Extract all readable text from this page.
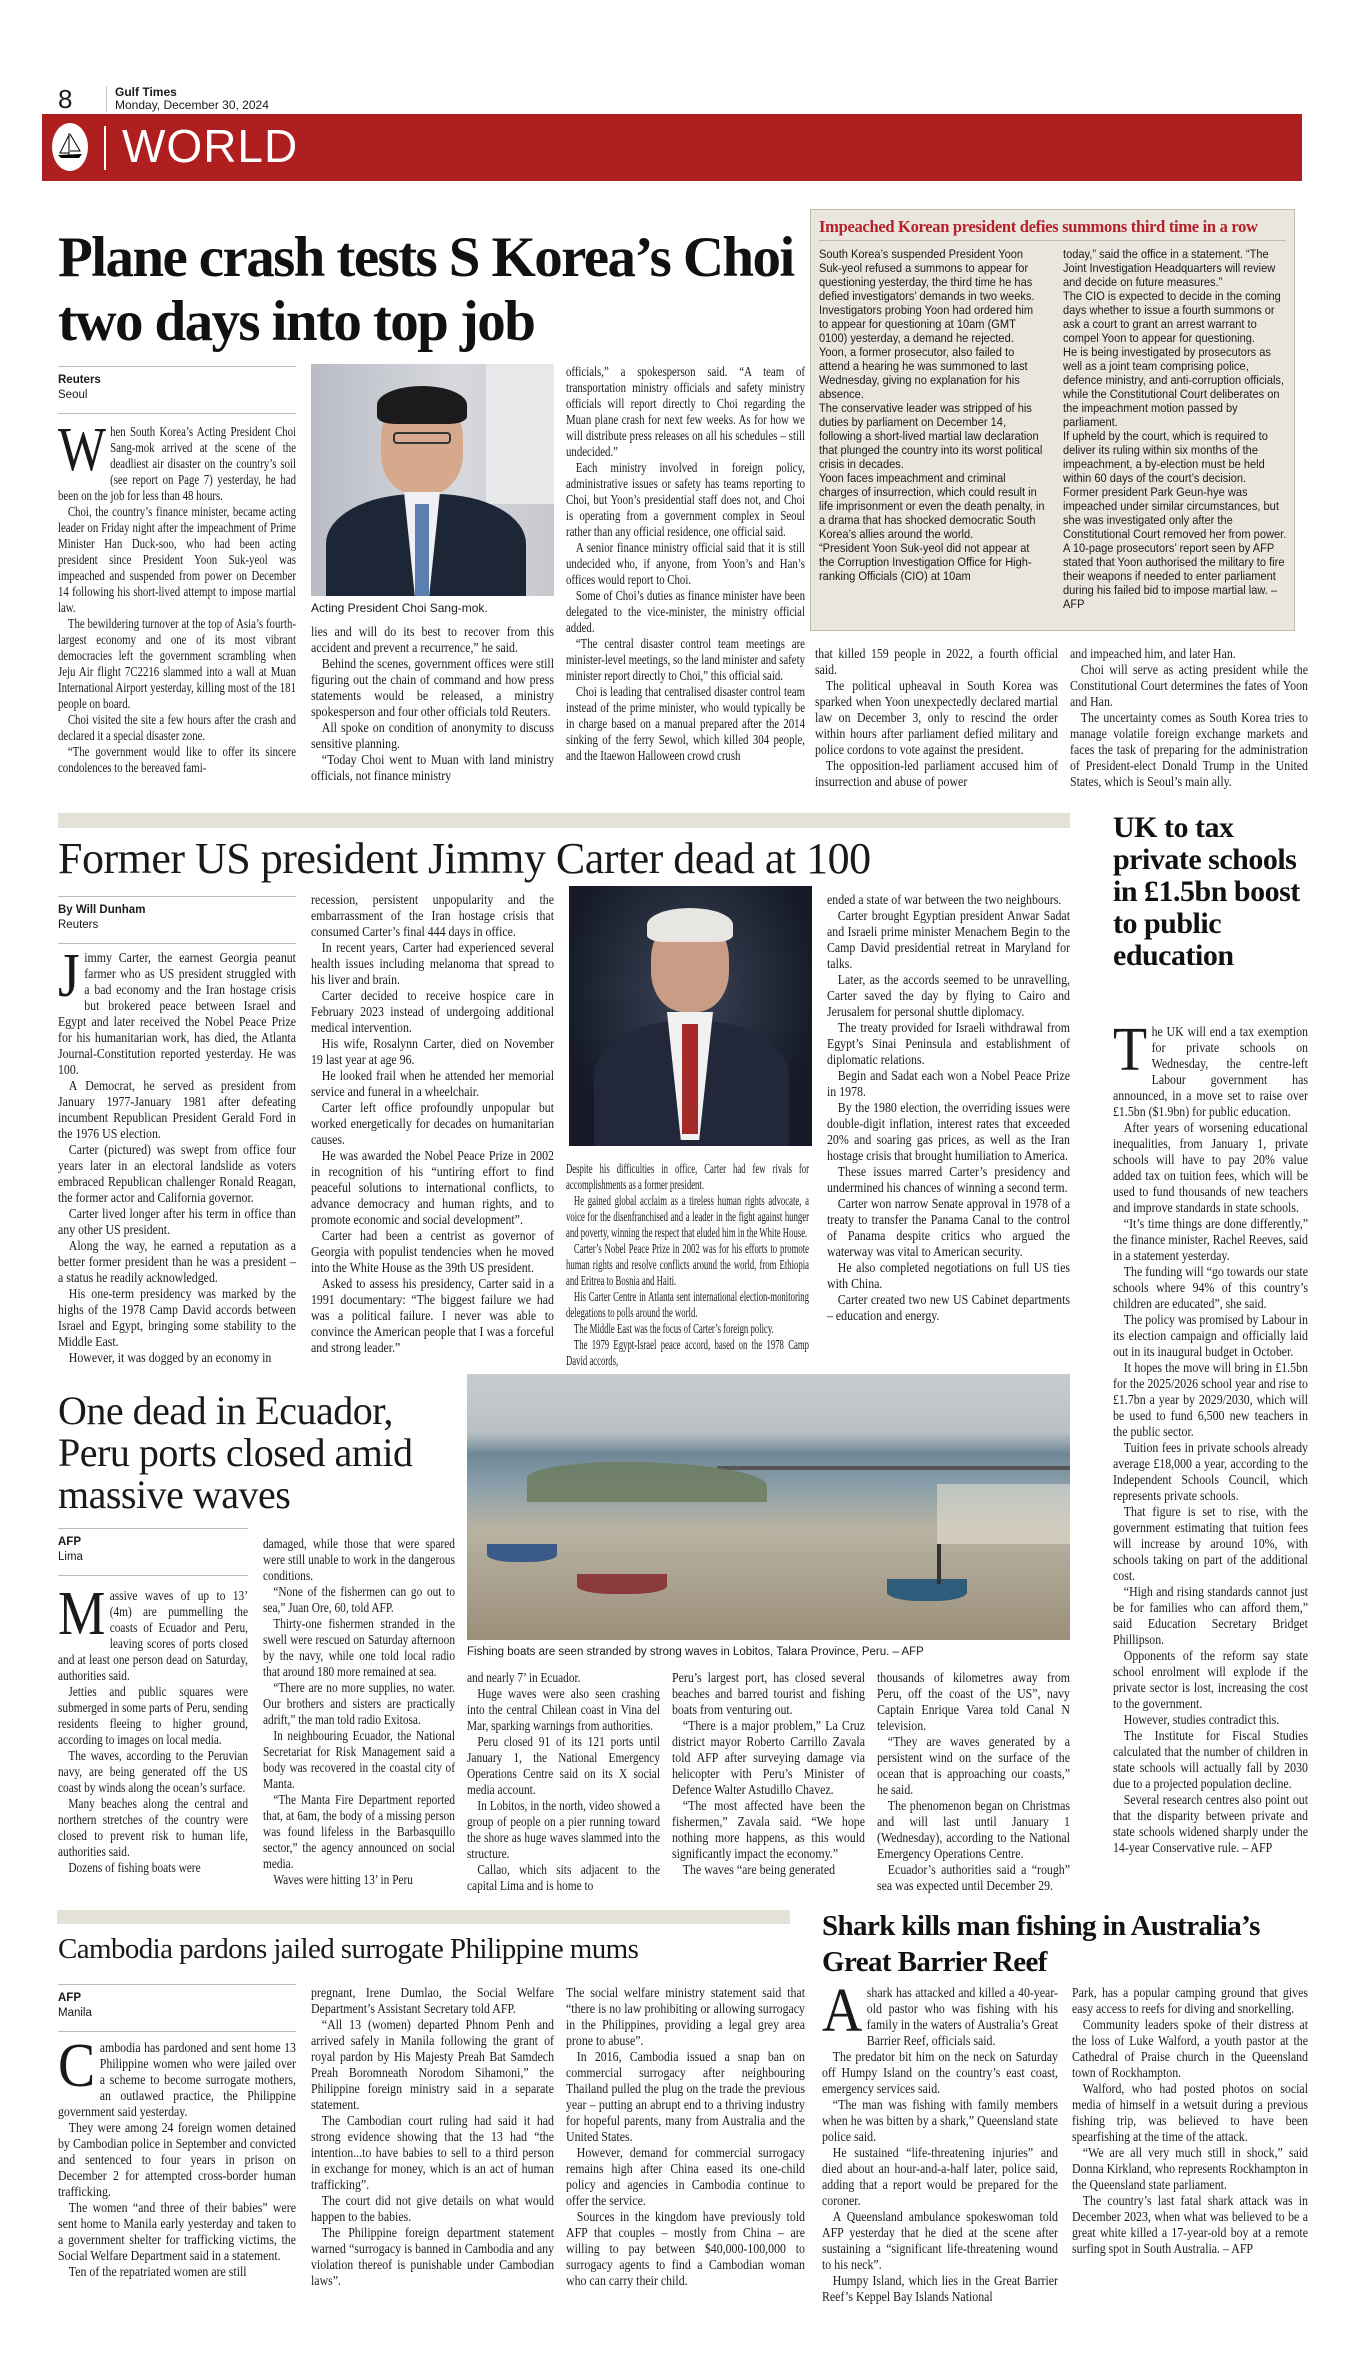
8	Gulf Times
Monday, December 30, 2024
WORLD
Plane crash tests S Korea’s Choi two days into top job
Reuters
Seoul

When South Korea’s Acting President Choi Sang-mok arrived at the scene of the deadliest air disaster on the country’s soil (see report on Page 7) yesterday, he had been on the job for less than 48 hours.

Choi, the country’s finance minister, became acting leader on Friday night after the impeachment of Prime Minister Han Duck-soo, who had been acting president since President Yoon Suk-yeol was impeached and suspended from power on December 14 following his short-lived attempt to impose martial law.

The bewildering turnover at the top of Asia’s fourth-largest economy and one of its most vibrant democracies left the government scrambling when Jeju Air flight 7C2216 slammed into a wall at Muan International Airport yesterday, killing most of the 181 people on board.

Choi visited the site a few hours after the crash and declared it a special disaster zone.

“The government would like to offer its sincere condolences to the bereaved fami-

Acting President Choi Sang-mok.

lies and will do its best to recover from this accident and prevent a recurrence,” he said.

Behind the scenes, government offices were still figuring out the chain of command and how press statements would be released, a ministry spokesperson and four other officials told Reuters.

All spoke on condition of anonymity to discuss sensitive planning.

“Today Choi went to Muan with land ministry officials, not finance ministry

officials,” a spokesperson said. “A team of transportation ministry officials and safety ministry officials will report directly to Choi regarding the Muan plane crash for next few weeks. As for how we will distribute press releases on all his schedules – still undecided.”

Each ministry involved in foreign policy, administrative issues or safety has teams reporting to Choi, but Yoon’s presidential staff does not, and Choi is operating from a government complex in Seoul rather than any official residence, one official said.

A senior finance ministry official said that it is still undecided who, if anyone, from Yoon’s and Han’s offices would report to Choi.

Some of Choi’s duties as finance minister have been delegated to the vice-minister, the ministry official added.

“The central disaster control team meetings are minister-level meetings, so the land minister and safety minister report directly to Choi,” this official said.

Choi is leading that centralised disaster control team instead of the prime minister, who would typically be in charge based on a manual prepared after the 2014 sinking of the ferry Sewol, which killed 304 people, and the Itaewon Halloween crowd crush

that killed 159 people in 2022, a fourth official said.

The political upheaval in South Korea was sparked when Yoon unexpectedly declared martial law on December 3, only to rescind the order within hours after parliament defied military and police cordons to vote against the president.

The opposition-led parliament accused him of insurrection and abuse of power

and impeached him, and later Han.

Choi will serve as acting president while the Constitutional Court determines the fates of Yoon and Han.

The uncertainty comes as South Korea tries to manage volatile foreign exchange markets and faces the task of preparing for the administration of President-elect Donald Trump in the United States, which is Seoul’s main ally.

Impeached Korean president defies summons third time in a row

South Korea’s suspended President Yoon Suk-yeol refused a summons to appear for questioning yesterday, the third time he has defied investigators’ demands in two weeks.

Investigators probing Yoon had ordered him to appear for questioning at 10am (GMT 0100) yesterday, a demand he rejected.

Yoon, a former prosecutor, also failed to attend a hearing he was summoned to last Wednesday, giving no explanation for his absence.

The conservative leader was stripped of his duties by parliament on December 14, following a short-lived martial law declaration that plunged the country into its worst political crisis in decades.

Yoon faces impeachment and criminal charges of insurrection, which could result in life imprisonment or even the death penalty, in a drama that has shocked democratic South Korea’s allies around the world.

“President Yoon Suk-yeol did not appear at the Corruption Investigation Office for High-ranking Officials (CIO) at 10am

today,” said the office in a statement. “The Joint Investigation Headquarters will review and decide on future measures.”

The CIO is expected to decide in the coming days whether to issue a fourth summons or ask a court to grant an arrest warrant to compel Yoon to appear for questioning.

He is being investigated by prosecutors as well as a joint team comprising police, defence ministry, and anti-corruption officials, while the Constitutional Court deliberates on the impeachment motion passed by parliament.

If upheld by the court, which is required to deliver its ruling within six months of the impeachment, a by-election must be held within 60 days of the court’s decision.

Former president Park Geun-hye was impeached under similar circumstances, but she was investigated only after the Constitutional Court removed her from power.

A 10-page prosecutors’ report seen by AFP stated that Yoon authorised the military to fire their weapons if needed to enter parliament during his failed bid to impose martial law. – AFP

Former US president Jimmy Carter dead at 100
By Will Dunham
Reuters

Jimmy Carter, the earnest Georgia peanut farmer who as US president struggled with a bad economy and the Iran hostage crisis but brokered peace between Israel and Egypt and later received the Nobel Peace Prize for his humanitarian work, has died, the Atlanta Journal-Constitution reported yesterday. He was 100.

A Democrat, he served as president from January 1977-January 1981 after defeating incumbent Republican President Gerald Ford in the 1976 US election.

Carter (pictured) was swept from office four years later in an electoral landslide as voters embraced Republican challenger Ronald Reagan, the former actor and California governor.

Carter lived longer after his term in office than any other US president.

Along the way, he earned a reputation as a better former president than he was a president – a status he readily acknowledged.

His one-term presidency was marked by the highs of the 1978 Camp David accords between Israel and Egypt, bringing some stability to the Middle East.

However, it was dogged by an economy in

recession, persistent unpopularity and the embarrassment of the Iran hostage crisis that consumed Carter’s final 444 days in office.

In recent years, Carter had experienced several health issues including melanoma that spread to his liver and brain.

Carter decided to receive hospice care in February 2023 instead of undergoing additional medical intervention.

His wife, Rosalynn Carter, died on November 19 last year at age 96.

He looked frail when he attended her memorial service and funeral in a wheelchair.

Carter left office profoundly unpopular but worked energetically for decades on humanitarian causes.

He was awarded the Nobel Peace Prize in 2002 in recognition of his “untiring effort to find peaceful solutions to international conflicts, to advance democracy and human rights, and to promote economic and social development”.

Carter had been a centrist as governor of Georgia with populist tendencies when he moved into the White House as the 39th US president.

Asked to assess his presidency, Carter said in a 1991 documentary: “The biggest failure we had was a political failure. I never was able to convince the American people that I was a forceful and strong leader.”

Despite his difficulties in office, Carter had few rivals for accomplishments as a former president.

He gained global acclaim as a tireless human rights advocate, a voice for the disenfranchised and a leader in the fight against hunger and poverty, winning the respect that eluded him in the White House.

Carter’s Nobel Peace Prize in 2002 was for his efforts to promote human rights and resolve conflicts around the world, from Ethiopia and Eritrea to Bosnia and Haiti.

His Carter Centre in Atlanta sent international election-monitoring delegations to polls around the world.

The Middle East was the focus of Carter’s foreign policy.

The 1979 Egypt-Israel peace accord, based on the 1978 Camp David accords,

ended a state of war between the two neighbours.

Carter brought Egyptian president Anwar Sadat and Israeli prime minister Menachem Begin to the Camp David presidential retreat in Maryland for talks.

Later, as the accords seemed to be unravelling, Carter saved the day by flying to Cairo and Jerusalem for personal shuttle diplomacy.

The treaty provided for Israeli withdrawal from Egypt’s Sinai Peninsula and establishment of diplomatic relations.

Begin and Sadat each won a Nobel Peace Prize in 1978.

By the 1980 election, the overriding issues were double-digit inflation, interest rates that exceeded 20% and soaring gas prices, as well as the Iran hostage crisis that brought humiliation to America.

These issues marred Carter’s presidency and undermined his chances of winning a second term.

Carter won narrow Senate approval in 1978 of a treaty to transfer the Panama Canal to the control of Panama despite critics who argued the waterway was vital to American security.

He also completed negotiations on full US ties with China.

Carter created two new US Cabinet departments – education and energy.

UK to tax private schools in £1.5bn boost to public education

The UK will end a tax exemption for private schools on Wednesday, the centre-left Labour government has announced, in a move set to raise over £1.5bn ($1.9bn) for public education.

After years of worsening educational inequalities, from January 1, private schools will have to pay 20% value added tax on tuition fees, which will be used to fund thousands of new teachers and improve standards in state schools.

“It’s time things are done differently,” the finance minister, Rachel Reeves, said in a statement yesterday.

The funding will “go towards our state schools where 94% of this country’s children are educated”, she said.

The policy was promised by Labour in its election campaign and officially laid out in its inaugural budget in October.

It hopes the move will bring in £1.5bn for the 2025/2026 school year and rise to £1.7bn a year by 2029/2030, which will be used to fund 6,500 new teachers in the public sector.

Tuition fees in private schools already average £18,000 a year, according to the Independent Schools Council, which represents private schools.

That figure is set to rise, with the government estimating that tuition fees will increase by around 10%, with schools taking on part of the additional cost.

“High and rising standards cannot just be for families who can afford them,” said Education Secretary Bridget Phillipson.

Opponents of the reform say state school enrolment will explode if the private sector is lost, increasing the cost to the government.

However, studies contradict this.

The Institute for Fiscal Studies calculated that the number of children in state schools will actually fall by 2030 due to a projected population decline.

Several research centres also point out that the disparity between private and state schools widened sharply under the 14-year Conservative rule. – AFP

One dead in Ecuador, Peru ports closed amid massive waves
AFP
Lima

Massive waves of up to 13’ (4m) are pummelling the coasts of Ecuador and Peru, leaving scores of ports closed and at least one person dead on Saturday, authorities said.

Jetties and public squares were submerged in some parts of Peru, sending residents fleeing to higher ground, according to images on local media.

The waves, according to the Peruvian navy, are being generated off the US coast by winds along the ocean’s surface.

Many beaches along the central and northern stretches of the country were closed to prevent risk to human life, authorities said.

Dozens of fishing boats were

damaged, while those that were spared were still unable to work in the dangerous conditions.

“None of the fishermen can go out to sea,” Juan Ore, 60, told AFP.

Thirty-one fishermen stranded in the swell were rescued on Saturday afternoon by the navy, while one told local radio that around 180 more remained at sea.

“There are no more supplies, no water. Our brothers and sisters are practically adrift,” the man told radio Exitosa.

In neighbouring Ecuador, the National Secretariat for Risk Management said a body was recovered in the coastal city of Manta.

“The Manta Fire Department reported that, at 6am, the body of a missing person was found lifeless in the Barbasquillo sector,” the agency announced on social media.

Waves were hitting 13’ in Peru

Fishing boats are seen stranded by strong waves in Lobitos, Talara Province, Peru. – AFP

and nearly 7’ in Ecuador.

Huge waves were also seen crashing into the central Chilean coast in Vina del Mar, sparking warnings from authorities.

Peru closed 91 of its 121 ports until January 1, the National Emergency Operations Centre said on its X social media account.

In Lobitos, in the north, video showed a group of people on a pier running toward the shore as huge waves slammed into the structure.

Callao, which sits adjacent to the capital Lima and is home to

Peru’s largest port, has closed several beaches and barred tourist and fishing boats from venturing out.

“There is a major problem,” La Cruz district mayor Roberto Carrillo Zavala told AFP after surveying damage via helicopter with Peru’s Minister of Defence Walter Astudillo Chavez.

“The most affected have been the fishermen,” Zavala said. “We hope nothing more happens, as this would significantly impact the economy.”

The waves “are being generated

thousands of kilometres away from Peru, off the coast of the US”, navy Captain Enrique Varea told Canal N television.

“They are waves generated by a persistent wind on the surface of the ocean that is approaching our coasts,” he said.

The phenomenon began on Christmas and will last until January 1 (Wednesday), according to the National Emergency Operations Centre.

Ecuador’s authorities said a “rough” sea was expected until December 29.

Cambodia pardons jailed surrogate Philippine mums
AFP
Manila

Cambodia has pardoned and sent home 13 Philippine women who were jailed over a scheme to become surrogate mothers, an outlawed practice, the Philippine government said yesterday.

They were among 24 foreign women detained by Cambodian police in September and convicted and sentenced to four years in prison on December 2 for attempted cross-border human trafficking.

The women “and three of their babies” were sent home to Manila early yesterday and taken to a government shelter for trafficking victims, the Social Welfare Department said in a statement.

Ten of the repatriated women are still

pregnant, Irene Dumlao, the Social Welfare Department’s Assistant Secretary told AFP.

“All 13 (women) departed Phnom Penh and arrived safely in Manila following the grant of royal pardon by His Majesty Preah Bat Samdech Preah Boromneath Norodom Sihamoni,” the Philippine foreign ministry said in a separate statement.

The Cambodian court ruling had said it had strong evidence showing that the 13 had “the intention...to have babies to sell to a third person in exchange for money, which is an act of human trafficking”.

The court did not give details on what would happen to the babies.

The Philippine foreign department statement warned “surrogacy is banned in Cambodia and any violation thereof is punishable under Cambodian laws”.

The social welfare ministry statement said that “there is no law prohibiting or allowing surrogacy in the Philippines, providing a legal grey area prone to abuse”.

In 2016, Cambodia issued a snap ban on commercial surrogacy after neighbouring Thailand pulled the plug on the trade the previous year – putting an abrupt end to a thriving industry for hopeful parents, many from Australia and the United States.

However, demand for commercial surrogacy remains high after China eased its one-child policy and agencies in Cambodia continue to offer the service.

Sources in the kingdom have previously told AFP that couples – mostly from China – are willing to pay between $40,000-100,000 to surrogacy agents to find a Cambodian woman who can carry their child.

Shark kills man fishing in Australia’s Great Barrier Reef

Ashark has attacked and killed a 40-year-old pastor who was fishing with his family in the waters of Australia’s Great Barrier Reef, officials said.

The predator bit him on the neck on Saturday off Humpy Island on the country’s east coast, emergency services said.

“The man was fishing with family members when he was bitten by a shark,” Queensland state police said.

He sustained “life-threatening injuries” and died about an hour-and-a-half later, police said, adding that a report would be prepared for the coroner.

A Queensland ambulance spokeswoman told AFP yesterday that he died at the scene after sustaining a “significant life-threatening wound to his neck”.

Humpy Island, which lies in the Great Barrier Reef’s Keppel Bay Islands National

Park, has a popular camping ground that gives easy access to reefs for diving and snorkelling.

Community leaders spoke of their distress at the loss of Luke Walford, a youth pastor at the Cathedral of Praise church in the Queensland town of Rockhampton.

Walford, who had posted photos on social media of himself in a wetsuit during a previous fishing trip, was believed to have been spearfishing at the time of the attack.

“We are all very much still in shock,” said Donna Kirkland, who represents Rockhampton in the Queensland state parliament.

The country’s last fatal shark attack was in December 2023, when what was believed to be a great white killed a 17-year-old boy at a remote surfing spot in South Australia. – AFP
